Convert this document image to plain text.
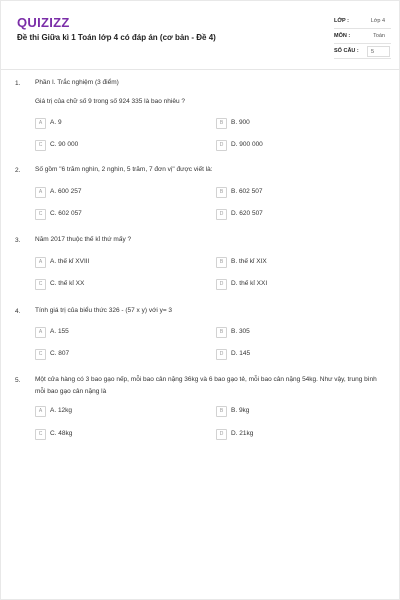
QUIZIZZ
Đề thi Giữa kì 1 Toán lớp 4 có đáp án (cơ bản - Đề 4)
LỚP :	Lớp 4
MÔN :	Toán
SỐ CÂU : 5
1. Phần I. Trắc nghiệm (3 điểm)
Giá trị của chữ số 9 trong số 924 335 là bao nhiêu ?
A	A. 9	B	B. 900
C	C. 90 000	D	D. 900 000
2. Số gồm "6 trăm nghìn, 2 nghìn, 5 trăm, 7 đơn vị" được viết là:
A	A. 600 257	B	B. 602 507
C	C. 602 057	D	D. 620 507
3. Năm 2017 thuộc thế kỉ thứ mấy ?
A	A. thế kỉ XVIII	B	B. thế kỉ XIX
C	C. thế kỉ XX	D	D. thế kỉ XXI
4. Tính giá trị của biểu thức 326 - (57 x y) với y= 3
A	A. 155	B	B. 305
C	C. 807	D	D. 145
5. Một cửa hàng có 3 bao gạo nếp, mỗi bao cân nặng 36kg và 6 bao gạo tẻ, mỗi bao cân nặng 54kg. Như vậy, trung bình mỗi bao gạo cân nặng là
A	A. 12kg	B	B. 9kg
C	C. 48kg	D	D. 21kg
